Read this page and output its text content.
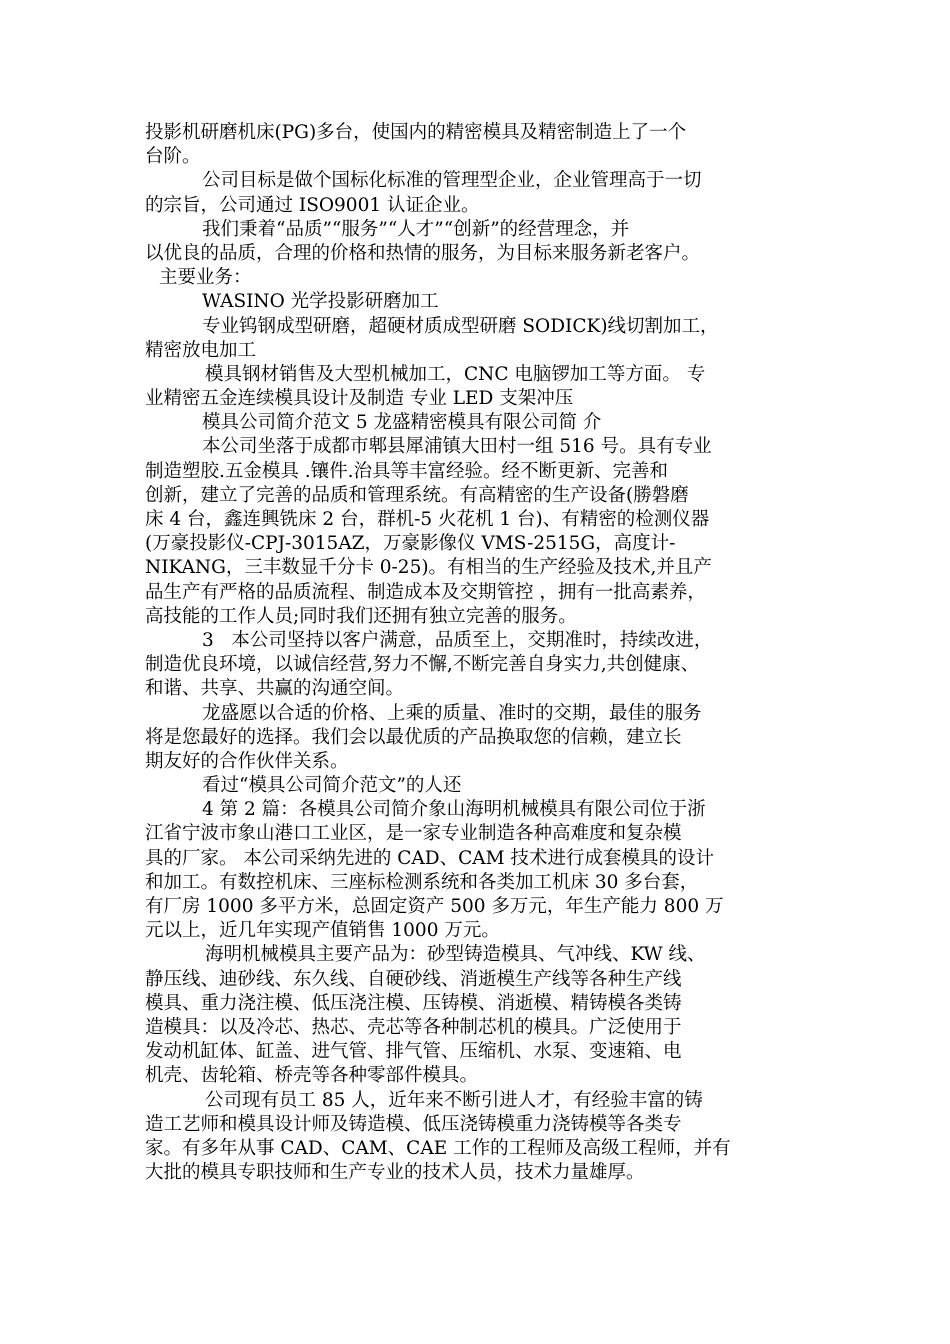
投影机研磨机床(PG)多台，使国内的精密模具及精密制造上了一个
台阶。
公司目标是做个国标化标准的管理型企业，企业管理高于一切
的宗旨，公司通过 ISO9001 认证企业。
我们秉着“品质”“服务”“人才”“创新”的经营理念，并
以优良的品质，合理的价格和热情的服务，为目标来服务新老客户。
主要业务：
WASINO 光学投影研磨加工
专业钨钢成型研磨，超硬材质成型研磨 SODICK)线切割加工，
精密放电加工
模具钢材销售及大型机械加工，CNC 电脑锣加工等方面。 专
业精密五金连续模具设计及制造 专业 LED 支架冲压
模具公司简介范文 5 龙盛精密模具有限公司简 介
本公司坐落于成都市郫县犀浦镇大田村一组 516 号。具有专业
制造塑胶.五金模具 .镶件.治具等丰富经验。经不断更新、完善和
创新，建立了完善的品质和管理系统。有高精密的生产设备(勝磐磨
床 4 台，鑫连興铣床 2 台，群机-5 火花机 1 台)、有精密的检测仪器
(万豪投影仪-CPJ-3015AZ，万豪影像仪 VMS-2515G，高度计-
NIKANG，三丰数显千分卡 0-25)。有相当的生产经验及技术,并且产
品生产有严格的品质流程、制造成本及交期管控 ，拥有一批高素养，
高技能的工作人员;同时我们还拥有独立完善的服务。
3   本公司坚持以客户满意，品质至上，交期准时，持续改进，
制造优良环境，以诚信经营,努力不懈,不断完善自身实力,共创健康、
和谐、共享、共赢的沟通空间。
龙盛愿以合适的价格、上乘的质量、准时的交期，最佳的服务
将是您最好的选择。我们会以最优质的产品换取您的信赖，建立长
期友好的合作伙伴关系。
看过“模具公司简介范文”的人还
4 第 2 篇：各模具公司简介象山海明机械模具有限公司位于浙
江省宁波市象山港口工业区，是一家专业制造各种高难度和复杂模
具的厂家。 本公司采纳先进的 CAD、CAM 技术进行成套模具的设计
和加工。有数控机床、三座标检测系统和各类加工机床 30 多台套，
有厂房 1000 多平方米，总固定资产 500 多万元，年生产能力 800 万
元以上，近几年实现产值销售 1000 万元。
海明机械模具主要产品为：砂型铸造模具、气冲线、KW 线、
静压线、迪砂线、东久线、自硬砂线、消逝模生产线等各种生产线
模具、重力浇注模、低压浇注模、压铸模、消逝模、精铸模各类铸
造模具：以及冷芯、热芯、壳芯等各种制芯机的模具。广泛使用于
发动机缸体、缸盖、进气管、排气管、压缩机、水泵、变速箱、电
机壳、齿轮箱、桥壳等各种零部件模具。
公司现有员工 85 人，近年来不断引进人才，有经验丰富的铸
造工艺师和模具设计师及铸造模、低压浇铸模重力浇铸模等各类专
家。有多年从事 CAD、CAM、CAE 工作的工程师及高级工程师，并有
大批的模具专职技师和生产专业的技术人员，技术力量雄厚。
